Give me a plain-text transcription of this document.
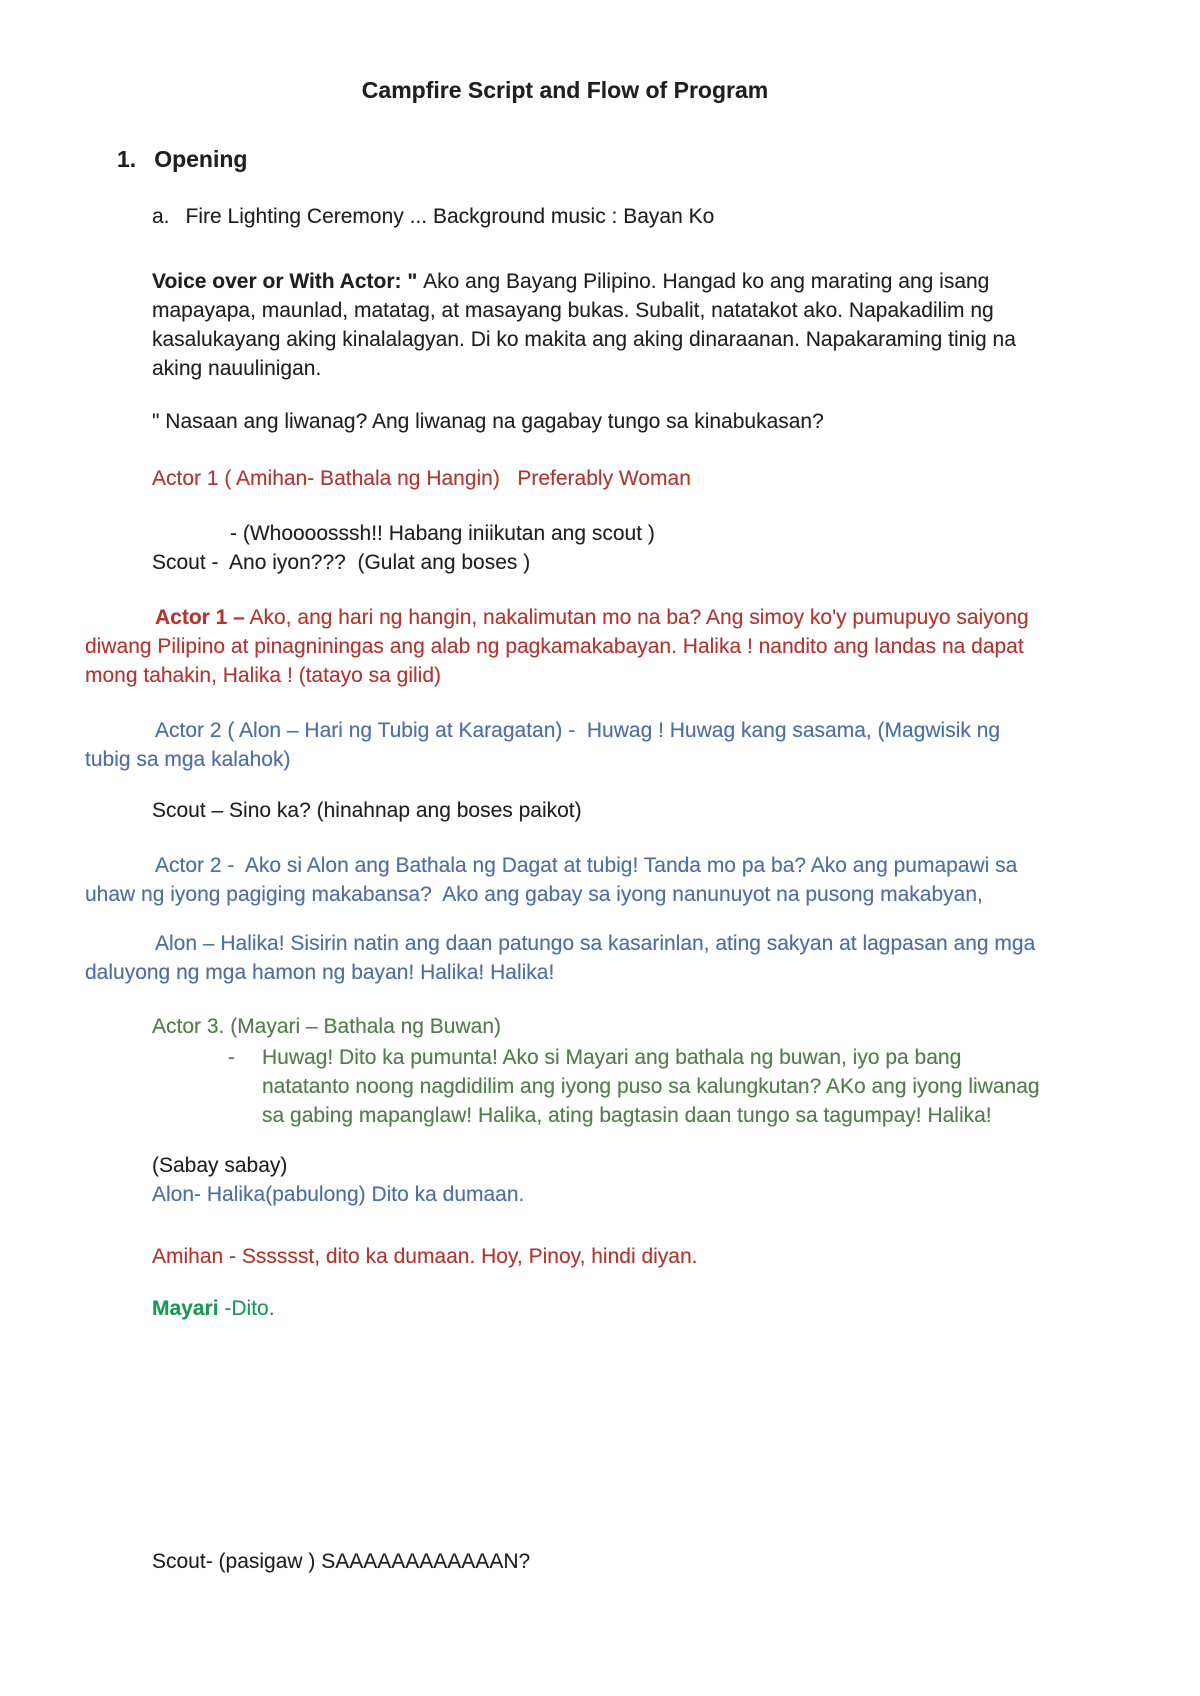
Campfire Script and Flow of Program
1. Opening

a. Fire Lighting Ceremony ... Background music : Bayan Ko

Voice over or With Actor: " Ako ang Bayang Pilipino. Hangad ko ang marating ang isang mapayapa, maunlad, matatag, at masayang bukas. Subalit, natatakot ako. Napakadilim ng kasalukayang aking kinalalagyan. Di ko makita ang aking dinaraanan. Napakaraming tinig na aking nauulinigan.

" Nasaan ang liwanag? Ang liwanag na gagabay tungo sa kinabukasan?

Actor 1 ( Amihan- Bathala ng Hangin)   Preferably Woman

- (Whoooosssh!! Habang iniikutan ang scout )

Scout -  Ano iyon???  (Gulat ang boses )

Actor 1 – Ako, ang hari ng hangin, nakalimutan mo na ba? Ang simoy ko'y pumupuyo saiyong diwang Pilipino at pinagniningas ang alab ng pagkamakabayan. Halika ! nandito ang landas na dapat mong tahakin, Halika ! (tatayo sa gilid)

Actor 2 ( Alon – Hari ng Tubig at Karagatan) -  Huwag ! Huwag kang sasama, (Magwisik ng tubig sa mga kalahok)

Scout – Sino ka? (hinahnap ang boses paikot)

Actor 2 -  Ako si Alon ang Bathala ng Dagat at tubig! Tanda mo pa ba? Ako ang pumapawi sa uhaw ng iyong pagiging makabansa?  Ako ang gabay sa iyong nanunuyot na pusong makabyan,

Alon – Halika! Sisirin natin ang daan patungo sa kasarinlan, ating sakyan at lagpasan ang mga daluyong ng mga hamon ng bayan! Halika! Halika!

Actor 3. (Mayari – Bathala ng Buwan)

-	Huwag! Dito ka pumunta! Ako si Mayari ang bathala ng buwan, iyo pa bang natatanto noong nagdidilim ang iyong puso sa kalungkutan? AKo ang iyong liwanag sa gabing mapanglaw! Halika, ating bagtasin daan tungo sa tagumpay! Halika!

(Sabay sabay)

Alon- Halika(pabulong) Dito ka dumaan.

Amihan - Sssssst, dito ka dumaan. Hoy, Pinoy, hindi diyan.

Mayari -Dito.

Scout- (pasigaw ) SAAAAAAAAAAAAN?
